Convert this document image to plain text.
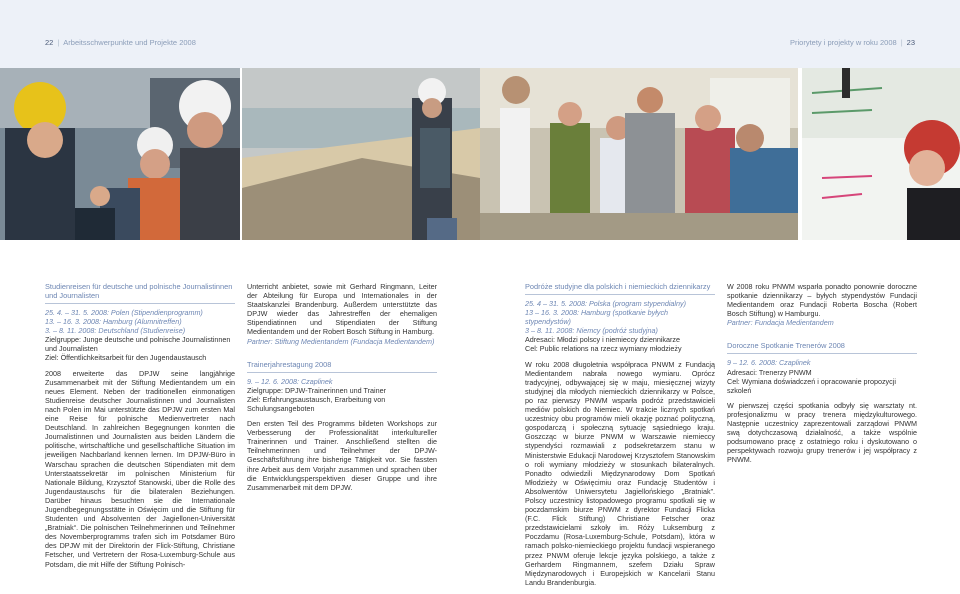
22 | Arbeitsschwerpunkte und Projekte 2008
Studienreisen für deutsche und polnische Journalistinnen und Journalisten
25. 4. – 31. 5. 2008: Polen (Stipendienprogramm)
13. – 16. 3. 2008: Hamburg (Alumnitreffen)
3. – 8. 11. 2008: Deutschland (Studienreise)
Zielgruppe: Junge deutsche und polnische Journalistinnen und Journalisten
Ziel: Öffentlichkeitsarbeit für den Jugendaustausch

2008 erweiterte das DPJW seine langjährige Zusammenarbeit mit der Stiftung Medientandem um ein neues Element. Neben der traditionellen einmonatigen Studienreise deutscher Journalistinnen und Journalisten nach Polen im Mai unterstützte das DPJW zum ersten Mal eine Reise für polnische Medienvertreter nach Deutschland. In zahlreichen Begegnungen konnten die Journalistinnen und Journalisten aus beiden Ländern die politische, wirtschaftliche und gesellschaftliche Situation im jeweiligen Nachbarland kennen lernen. Im DPJW-Büro in Warschau sprachen die deutschen Stipendiaten mit dem Unterstaatssekretär im polnischen Ministerium für Nationale Bildung, Krzysztof Stanowski, über die Rolle des Jugendaustauschs für die bilateralen Beziehungen. Darüber hinaus besuchten sie die Internationale Jugendbegegnungsstätte in Oświęcim und die Stiftung für Studenten und Absolventen der Jagiellonen-Universität „Bratniak“. Die polnischen Teilnehmerinnen und Teilnehmer des Novemberprogramms trafen sich im Potsdamer Büro des DPJW mit der Direktorin der Flick-Stiftung, Christiane Fetscher, und Vertretern der Rosa-Luxemburg-Schule aus Potsdam, die mit Hilfe der Stiftung Polnisch-

Unterricht anbietet, sowie mit Gerhard Ringmann, Leiter der Abteilung für Europa und Internationales in der Staatskanzlei Brandenburg. Außerdem unterstützte das DPJW wieder das Jahrestreffen der ehemaligen Stipendiatinnen und Stipendiaten der Stiftung Medientandem und der Robert Bosch Stiftung in Hamburg.

Partner: Stiftung Medientandem (Fundacja Medientandem)
Trainerjahrestagung 2008
9. – 12. 6. 2008: Czaplinek
Zielgruppe: DPJW-Trainerinnen und Trainer
Ziel: Erfahrungsaustausch, Erarbeitung von Schulungsangeboten

Den ersten Teil des Programms bildeten Workshops zur Verbesserung der Professionalität interkultureller Trainerinnen und Trainer. Anschließend stellten die Teilnehmerinnen und Teilnehmer der DPJW-Geschäftsführung ihre bisherige Tätigkeit vor. Sie fassten ihre Arbeit aus dem Vorjahr zusammen und sprachen über die Entwicklungsperspektiven dieser Gruppe und ihre Zusammenarbeit mit dem DPJW.

Priorytety i projekty w roku 2008 | 23
Podróże studyjne dla polskich i niemieckich dziennikarzy
25. 4 – 31. 5. 2008: Polska (program stypendialny)
13 – 16. 3. 2008: Hamburg (spotkanie byłych stypendystów)
3 – 8. 11. 2008: Niemcy (podróż studyjna)
Adresaci: Młodzi polscy i niemieccy dziennikarze
Cel: Public relations na rzecz wymiany młodzieży

W roku 2008 długoletnia współpraca PNWM z Fundacją Medientandem nabrała nowego wymiaru. Oprócz tradycyjnej, odbywającej się w maju, miesięcznej wizyty studyjnej dla młodych niemieckich dziennikarzy w Polsce, po raz pierwszy PNWM wsparła podróż przedstawicieli mediów polskich do Niemiec. W trakcie licznych spotkań uczestnicy obu programów mieli okazję poznać polityczną, gospodarczą i społeczną sytuację sąsiedniego kraju. Goszcząc w biurze PNWM w Warszawie niemieccy stypendyści rozmawiali z podsekretarzem stanu w Ministerstwie Edukacji Narodowej Krzysztofem Stanowskim o roli wymiany młodzieży w stosunkach bilateralnych. Ponadto odwiedzili Międzynarodowy Dom Spotkań Młodzieży w Oświęcimiu oraz Fundację Studentów i Absolwentów Uniwersytetu Jagiellońskiego „Bratniak”. Polscy uczestnicy listopadowego programu spotkali się w poczdamskim biurze PNWM z dyrektor Fundacji Flicka (F.C. Flick Stiftung) Christiane Fetscher oraz przedstawicielami szkoły im. Róży Luksemburg z Poczdamu (Rosa-Luxemburg-Schule, Potsdam), która w ramach polsko-niemieckiego projektu fundacji wspieranego przez PNWM oferuje lekcje języka polskiego, a także z Gerhardem Ringmannem, szefem Działu Spraw Międzynarodowych i Europejskich w Kancelarii Stanu Landu Brandenburgia.

W 2008 roku PNWM wsparła ponadto ponownie doroczne spotkanie dziennikarzy – byłych stypendystów Fundacji Medientandem oraz Fundacji Roberta Boscha (Robert Bosch Stiftung) w Hamburgu.

Partner: Fundacja Medientandem
Doroczne Spotkanie Trenerów 2008
9 – 12. 6. 2008: Czaplinek
Adresaci: Trenerzy PNWM
Cel: Wymiana doświadczeń i opracowanie propozycji szkoleń

W pierwszej części spotkania odbyły się warsztaty nt. profesjonalizmu w pracy trenera międzykulturowego. Następnie uczestnicy zaprezentowali zarządowi PNWM swą dotychczasową działalność, a także wspólnie podsumowano pracę z ostatniego roku i dyskutowano o perspektywach rozwoju grupy trenerów i jej współpracy z PNWM.
